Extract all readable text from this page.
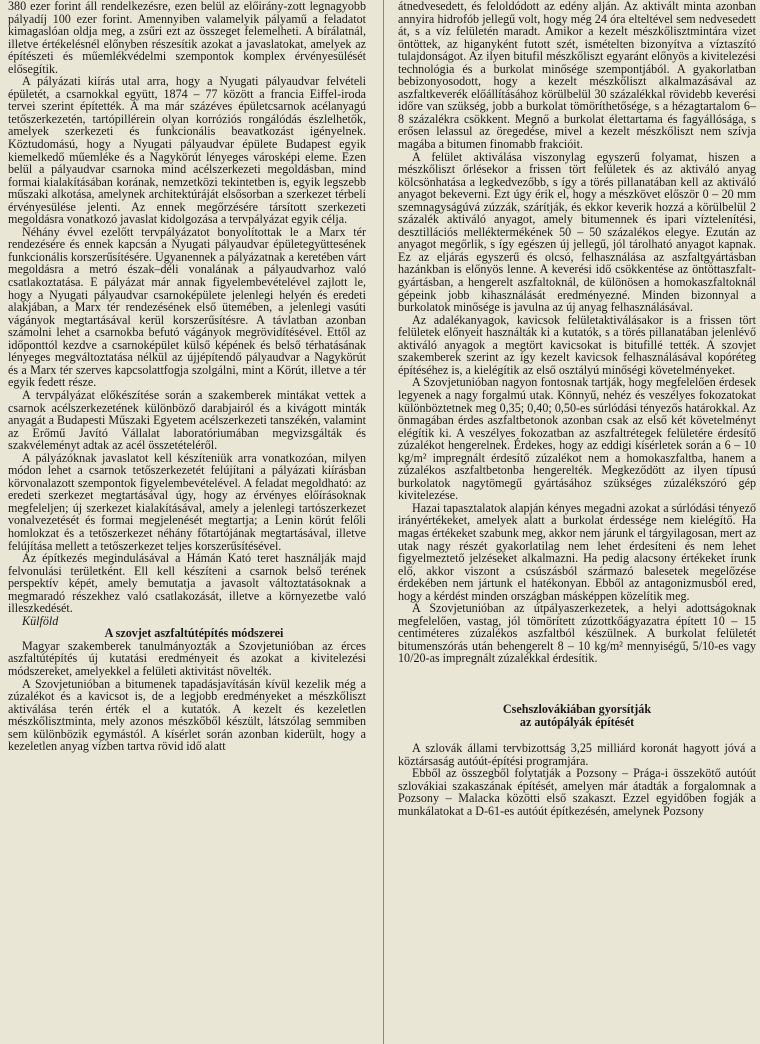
380 ezer forint áll rendelkezésre, ezen belül az előirány-zott legnagyobb pályadíj 100 ezer forint. Amennyiben valamelyik pályamű a feladatot kimagaslóan oldja meg, a zsűri ezt az összeget felemelheti. A bírálatnál, illetve értékelésnél előnyben részesítik azokat a javaslatokat, amelyek az építészeti és műemlékvédelmi szempontok komplex érvényesülését elősegítik.

A pályázati kiírás utal arra, hogy a Nyugati pályaudvar felvételi épületét, a csarnokkal együtt, 1874 – 77 között a francia Eiffel-iroda tervei szerint építették. A ma már százéves épületcsarnok acélanyagú tetőszerkezetén, tartópillérein olyan korróziós rongálódás észlelhetők, amelyek szerkezeti és funkcionális beavatkozást igényelnek. Köztudomású, hogy a Nyugati pályaudvar épülete Budapest egyik kiemelkedő műemléke és a Nagykörút lényeges városképi eleme. Ezen belül a pályaudvar csarnoka mind acélszerkezeti megoldásban, mind formai kialakításában korának, nemzetközi tekintetben is, egyik legszebb műszaki alkotása, amelynek architektúráját elsősorban a szerkezet térbeli érvényesülése jelenti. Az ennek megőrzésére társított szerkezeti megoldásra vonatkozó javaslat kidolgozása a tervpályázat egyik célja.

Néhány évvel ezelőtt tervpályázatot bonyolítottak le a Marx tér rendezésére és ennek kapcsán a Nyugati pályaudvar épületegyüttesének funkcionális korszerűsítésére. Ugyanennek a pályázatnak a keretében várt megoldásra a metró észak–déli vonalának a pályaudvarhoz való csatlakoztatása. E pályázat már annak figyelembevételével zajlott le, hogy a Nyugati pályaudvar csarnoképülete jelenlegi helyén és eredeti alakjában, a Marx tér rendezésének első ütemében, a jelenlegi vasúti vágányok megtartásával kerül korszerűsítésre. A távlatban azonban számolni lehet a csarnokba befutó vágányok megrövidítésével. Ettől az időponttól kezdve a csarnoképület külső képének és belső térhatásának lényeges megváltoztatása nélkül az újjépítendő pályaudvar a Nagykörút és a Marx tér szerves kapcsolattfogja szolgálni, mint a Körút, illetve a tér egyik fedett része.

A tervpályázat előkészítése során a szakemberek mintákat vettek a csarnok acélszerkezetének különböző darabjairól és a kivágott minták anyagát a Budapesti Műszaki Egyetem acélszerkezeti tanszékén, valamint az Erőmű Javító Vállalat laboratóriumában megvizsgálták és szakvéleményt adtak az acél összetételéről.

A pályázóknak javaslatot kell készíteniük arra vonatkozóan, milyen módon lehet a csarnok tetőszerkezetét felújítani a pályázati kiírásban körvonalazott szempontok figyelembevételével. A feladat megoldható: az eredeti szerkezet megtartásával úgy, hogy az érvényes előírásoknak megfeleljen; új szerkezet kialakításával, amely a jelenlegi tartószerkezet vonalvezetését és formai megjelenését megtartja; a Lenin körút felőli homlokzat és a tetőszerkezet néhány főtartójának megtartásával, illetve felújítása mellett a tetőszerkezet teljes korszerűsítésével.

Az építkezés megindulásával a Hámán Kató teret használják majd felvonulási területként. Ell kell készíteni a csarnok belső terének perspektív képét, amely bemutatja a javasolt változtatásoknak a megmaradó részekhez való csatlakozását, illetve a környezetbe való illeszkedését.

Külföld

A szovjet aszfaltútépítés módszerei

Magyar szakemberek tanulmányozták a Szovjetunióban az érces aszfaltútépítés új kutatási eredményeit és azokat a kivitelezési módszereket, amelyekkel a felületi aktivitást növelték.

A Szovjetunióban a bitumenek tapadásjavításán kívül kezelik még a zúzalékot és a kavicsot is, de a legjobb eredményeket a mészkőliszt aktiválása terén érték el a kutatók. A kezelt és kezeletlen mészkőlisztminta, mely azonos mészkőből készült, látszólag semmiben sem különbözik egymástól. A kísérlet során azonban kiderült, hogy a kezeletlen anyag vízben tartva rövid idő alatt

átnedvesedett, és feloldódott az edény alján. Az aktivált minta azonban annyira hidrofób jellegű volt, hogy még 24 óra elteltével sem nedvesedett át, s a víz felületén maradt. Amikor a kezelt mészkőlisztmintára vizet öntöttek, az higanyként futott szét, ismételten bizonyítva a víztaszító tulajdonságot. Az ilyen bitufil mészkőliszt egyaránt előnyös a kivitelezési technológia és a burkolat minősége szempontjából. A gyakorlatban bebizonyosodott, hogy a kezelt mészkőliszt alkalmazásával az aszfaltkeverék előállításához körülbelül 30 százalékkal rövidebb keverési időre van szükség, jobb a burkolat tömöríthetősége, s a hézagtartalom 6–8 százalékra csökkent. Megnő a burkolat élettartama és fagyállósága, s erősen lelassul az öregedése, mivel a kezelt mészkőliszt nem szívja magába a bitumen finomabb frakcióit.

A felület aktiválása viszonylag egyszerű folyamat, hiszen a mészkőliszt őrlésekor a frissen tört felületek és az aktiváló anyag kölcsönhatása a legkedvezőbb, s így a törés pillanatában kell az aktiváló anyagot bekeverni. Ezt úgy érik el, hogy a mészkövet először 0 – 20 mm szemnagyságúvá zúzzák, szárítják, és ekkor keverik hozzá a körülbelül 2 százalék aktiváló anyagot, amely bitumennek és ipari víztelenítési, desztillációs melléktermékének 50 – 50 százalékos elegye. Ezután az anyagot megőrlik, s így egészen új jellegű, jól tárolható anyagot kapnak. Ez az eljárás egyszerű és olcsó, felhasználása az aszfaltgyártásban hazánkban is előnyös lenne. A keverési idő csökkentése az öntöttaszfalt-gyártásban, a hengerelt aszfaltoknál, de különösen a homokaszfaltoknál gépeink jobb kihasználását eredményezné. Minden bizonnyal a burkolatok minősége is javulna az új anyag felhasználásával.

Az adalékanyagok, kavicsok felületaktiválásakor is a frissen tört felületek előnyeit használták ki a kutatók, s a törés pillanatában jelenlévő aktiváló anyagok a megtört kavicsokat is bitufillé tették. A szovjet szakemberek szerint az így kezelt kavicsok felhasználásával kopóréteg építéséhez is, a kielégítik az első osztályú minőségi követelményeket.

A Szovjetunióban nagyon fontosnak tartják, hogy megfelelően érdesek legyenek a nagy forgalmú utak. Könnyű, nehéz és veszélyes fokozatokat különböztetnek meg 0,35; 0,40; 0,50-es súrlódási tényezős határokkal. Az önmagában érdes aszfaltbetonok azonban csak az első két követelményt elégítik ki. A veszélyes fokozatban az aszfaltrétegek felületére érdesítő zúzalékot hengerelnek. Érdekes, hogy az eddigi kísérletek során a 6 – 10 kg/m² impregnált érdesítő zúzalékot nem a homokaszfaltba, hanem a zúzalékos aszfaltbetonba hengerelték. Megkeződött az ilyen típusú burkolatok nagytömegű gyártásához szükséges zúzalékszóró gép kivitelezése.

Hazai tapasztalatok alapján kényes megadni azokat a súrlódási tényező irányértékeket, amelyek alatt a burkolat érdessége nem kielégítő. Ha magas értékeket szabunk meg, akkor nem járunk el tárgyilagosan, mert az utak nagy részét gyakorlatilag nem lehet érdesíteni és nem lehet figyelmeztető jelzéseket alkalmazni. Ha pedig alacsony értékeket írunk elő, akkor viszont a csúszásból származó balesetek megelőzése érdekében nem jártunk el hatékonyan. Ebből az antagonizmusból ered, hogy a kérdést minden országban másképpen közelítik meg.

A Szovjetunióban az útpályaszerkezetek, a helyi adottságoknak megfelelően, vastag, jól tömörített zúzottkőágyazatra épített 10 – 15 centiméteres zúzalékos aszfaltból készülnek. A burkolat felületét bitumenszórás után behengerelt 8 – 10 kg/m² mennyiségű, 5/10-es vagy 10/20-as impregnált zúzalékkal érdesítik.

Csehszlovákiában gyorsítják
az autópályák építését

A szlovák állami tervbizottság 3,25 milliárd koronát hagyott jóvá a köztársaság autóút-építési programjára.

Ebből az összegből folytatják a Pozsony – Prága-i összekötő autóút szlovákiai szakaszának építését, amelyen már átadták a forgalomnak a Pozsony – Malacka közötti első szakaszt. Ezzel egyidőben fogják a munkálatokat a D-61-es autóút építkezésén, amelynek Pozsony
